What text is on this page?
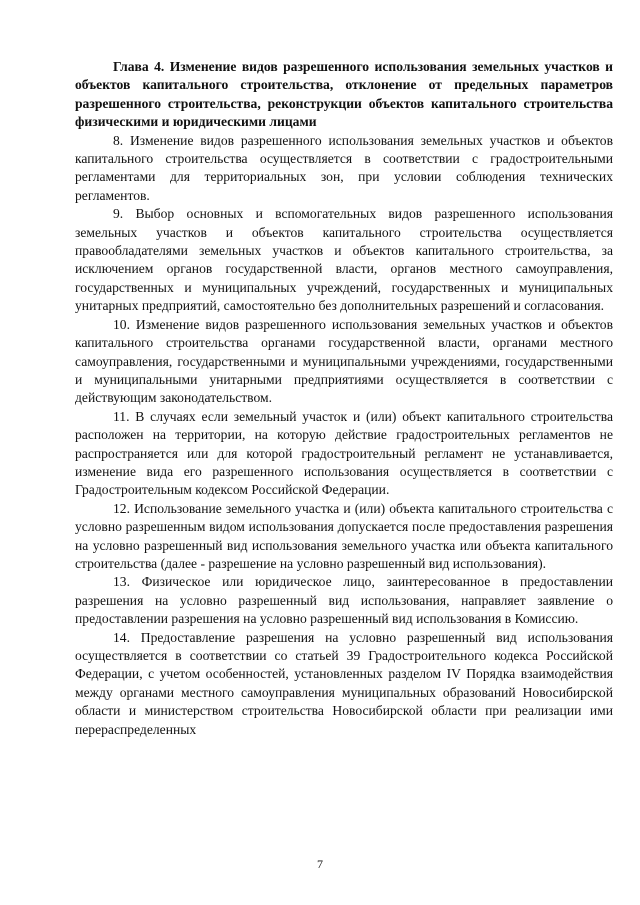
Глава 4. Изменение видов разрешенного использования земельных участков и объектов капитального строительства, отклонение от предельных параметров разрешенного строительства, реконструкции объектов капитального строительства физическими и юридическими лицами

8. Изменение видов разрешенного использования земельных участков и объектов капитального строительства осуществляется в соответствии с градостроительными регламентами для территориальных зон, при условии соблюдения технических регламентов.

9. Выбор основных и вспомогательных видов разрешенного использования земельных участков и объектов капитального строительства осуществляется правообладателями земельных участков и объектов капитального строительства, за исключением органов государственной власти, органов местного самоуправления, государственных и муниципальных учреждений, государственных и муниципальных унитарных предприятий, самостоятельно без дополнительных разрешений и согласования.

10. Изменение видов разрешенного использования земельных участков и объектов капитального строительства органами государственной власти, органами местного самоуправления, государственными и муниципальными учреждениями, государственными и муниципальными унитарными предприятиями осуществляется в соответствии с действующим законодательством.

11. В случаях если земельный участок и (или) объект капитального строительства расположен на территории, на которую действие градостроительных регламентов не распространяется или для которой градостроительный регламент не устанавливается, изменение вида его разрешенного использования осуществляется в соответствии с Градостроительным кодексом Российской Федерации.

12. Использование земельного участка и (или) объекта капитального строительства с условно разрешенным видом использования допускается после предоставления разрешения на условно разрешенный вид использования земельного участка или объекта капитального строительства (далее - разрешение на условно разрешенный вид использования).

13. Физическое или юридическое лицо, заинтересованное в предоставлении разрешения на условно разрешенный вид использования, направляет заявление о предоставлении разрешения на условно разрешенный вид использования в Комиссию.

14. Предоставление разрешения на условно разрешенный вид использования осуществляется в соответствии со статьей 39 Градостроительного кодекса Российской Федерации, с учетом особенностей, установленных разделом IV Порядка взаимодействия между органами местного самоуправления муниципальных образований Новосибирской области и министерством строительства Новосибирской области при реализации ими перераспределенных

7
